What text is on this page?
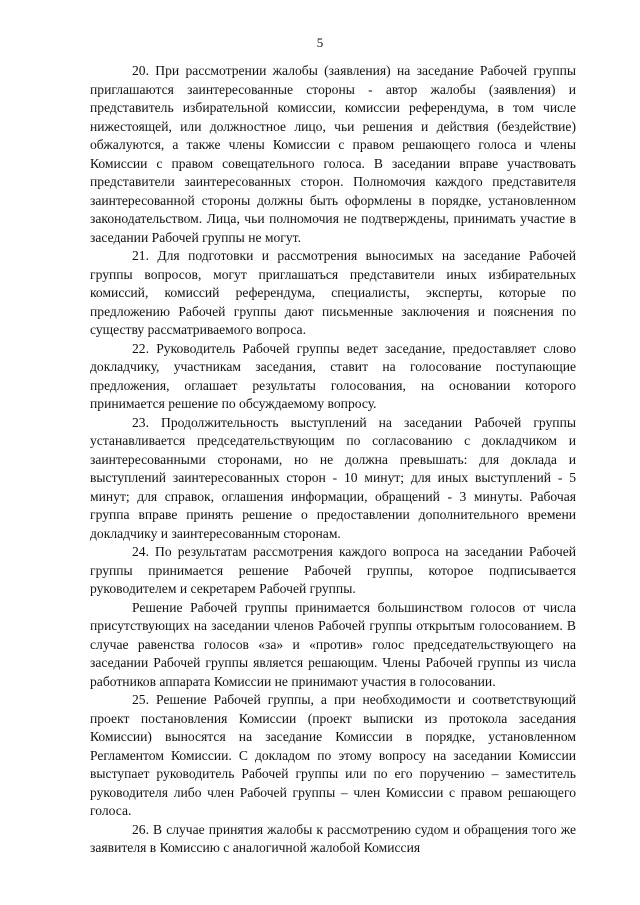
5

20. При рассмотрении жалобы (заявления) на заседание Рабочей группы приглашаются заинтересованные стороны - автор жалобы (заявления) и представитель избирательной комиссии, комиссии референдума, в том числе нижестоящей, или должностное лицо, чьи решения и действия (бездействие) обжалуются, а также члены Комиссии с правом решающего голоса и члены Комиссии с правом совещательного голоса. В заседании вправе участвовать представители заинтересованных сторон. Полномочия каждого представителя заинтересованной стороны должны быть оформлены в порядке, установленном законодательством. Лица, чьи полномочия не подтверждены, принимать участие в заседании Рабочей группы не могут.

21. Для подготовки и рассмотрения выносимых на заседание Рабочей группы вопросов, могут приглашаться представители иных избирательных комиссий, комиссий референдума, специалисты, эксперты, которые по предложению Рабочей группы дают письменные заключения и пояснения по существу рассматриваемого вопроса.

22. Руководитель Рабочей группы ведет заседание, предоставляет слово докладчику, участникам заседания, ставит на голосование поступающие предложения, оглашает результаты голосования, на основании которого принимается решение по обсуждаемому вопросу.

23. Продолжительность выступлений на заседании Рабочей группы устанавливается председательствующим по согласованию с докладчиком и заинтересованными сторонами, но не должна превышать: для доклада и выступлений заинтересованных сторон - 10 минут; для иных выступлений - 5 минут; для справок, оглашения информации, обращений - 3 минуты. Рабочая группа вправе принять решение о предоставлении дополнительного времени докладчику и заинтересованным сторонам.

24. По результатам рассмотрения каждого вопроса на заседании Рабочей группы принимается решение Рабочей группы, которое подписывается руководителем и секретарем Рабочей группы.

Решение Рабочей группы принимается большинством голосов от числа присутствующих на заседании членов Рабочей группы открытым голосованием. В случае равенства голосов «за» и «против» голос председательствующего на заседании Рабочей группы является решающим. Члены Рабочей группы из числа работников аппарата Комиссии не принимают участия в голосовании.

25. Решение Рабочей группы, а при необходимости и соответствующий проект постановления Комиссии (проект выписки из протокола заседания Комиссии) выносятся на заседание Комиссии в порядке, установленном Регламентом Комиссии. С докладом по этому вопросу на заседании Комиссии выступает руководитель Рабочей группы или по его поручению – заместитель руководителя либо член Рабочей группы – член Комиссии с правом решающего голоса.

26. В случае принятия жалобы к рассмотрению судом и обращения того же заявителя в Комиссию с аналогичной жалобой Комиссия
